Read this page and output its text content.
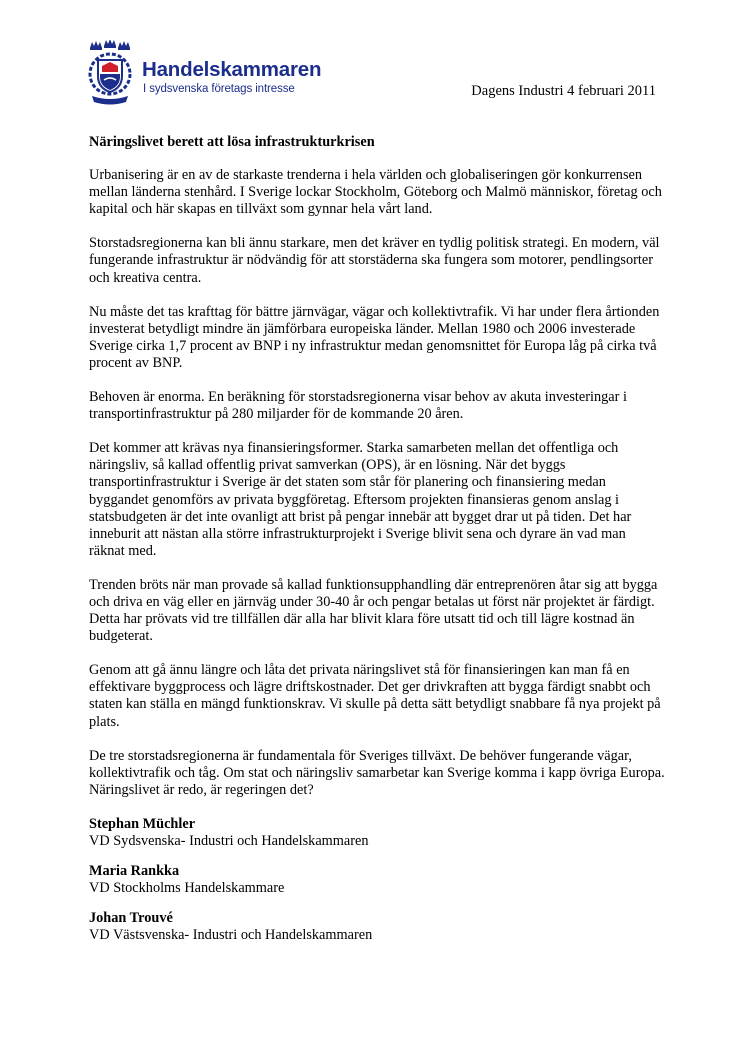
Handelskammaren
I sydsvenska företags intresse	Dagens Industri 4 februari 2011
Näringslivet berett att lösa infrastrukturkrisen

Urbanisering är en av de starkaste trenderna i hela världen och globaliseringen gör konkurrensen mellan länderna stenhård. I Sverige lockar Stockholm, Göteborg och Malmö människor, företag och kapital och här skapas en tillväxt som gynnar hela vårt land.

Storstadsregionerna kan bli ännu starkare, men det kräver en tydlig politisk strategi. En modern, väl fungerande infrastruktur är nödvändig för att storstäderna ska fungera som motorer, pendlingsorter och kreativa centra.

Nu måste det tas krafttag för bättre järnvägar, vägar och kollektivtrafik. Vi har under flera årtionden investerat betydligt mindre än jämförbara europeiska länder. Mellan 1980 och 2006 investerade Sverige cirka 1,7 procent av BNP i ny infrastruktur medan genomsnittet för Europa låg på cirka två procent av BNP.

Behoven är enorma. En beräkning för storstadsregionerna visar behov av akuta investeringar i transportinfrastruktur på 280 miljarder för de kommande 20 åren.

Det kommer att krävas nya finansieringsformer. Starka samarbeten mellan det offentliga och näringsliv, så kallad offentlig privat samverkan (OPS), är en lösning. När det byggs transportinfrastruktur i Sverige är det staten som står för planering och finansiering medan byggandet genomförs av privata byggföretag. Eftersom projekten finansieras genom anslag i statsbudgeten är det inte ovanligt att brist på pengar innebär att bygget drar ut på tiden. Det har inneburit att nästan alla större infrastrukturprojekt i Sverige blivit sena och dyrare än vad man räknat med.

Trenden bröts när man provade så kallad funktionsupphandling där entreprenören åtar sig att bygga och driva en väg eller en järnväg under 30-40 år och pengar betalas ut först när projektet är färdigt. Detta har prövats vid tre tillfällen där alla har blivit klara före utsatt tid och till lägre kostnad än budgeterat.

Genom att gå ännu längre och låta det privata näringslivet stå för finansieringen kan man få en effektivare byggprocess och lägre driftskostnader. Det ger drivkraften att bygga färdigt snabbt och staten kan ställa en mängd funktionskrav. Vi skulle på detta sätt betydligt snabbare få nya projekt på plats.

De tre storstadsregionerna är fundamentala för Sveriges tillväxt. De behöver fungerande vägar, kollektivtrafik och tåg. Om stat och näringsliv samarbetar kan Sverige komma i kapp övriga Europa. Näringslivet är redo, är regeringen det?

Stephan Müchler
VD Sydsvenska- Industri och Handelskammaren
Maria Rankka
VD Stockholms Handelskammare
Johan Trouvé
VD Västsvenska- Industri och Handelskammaren
